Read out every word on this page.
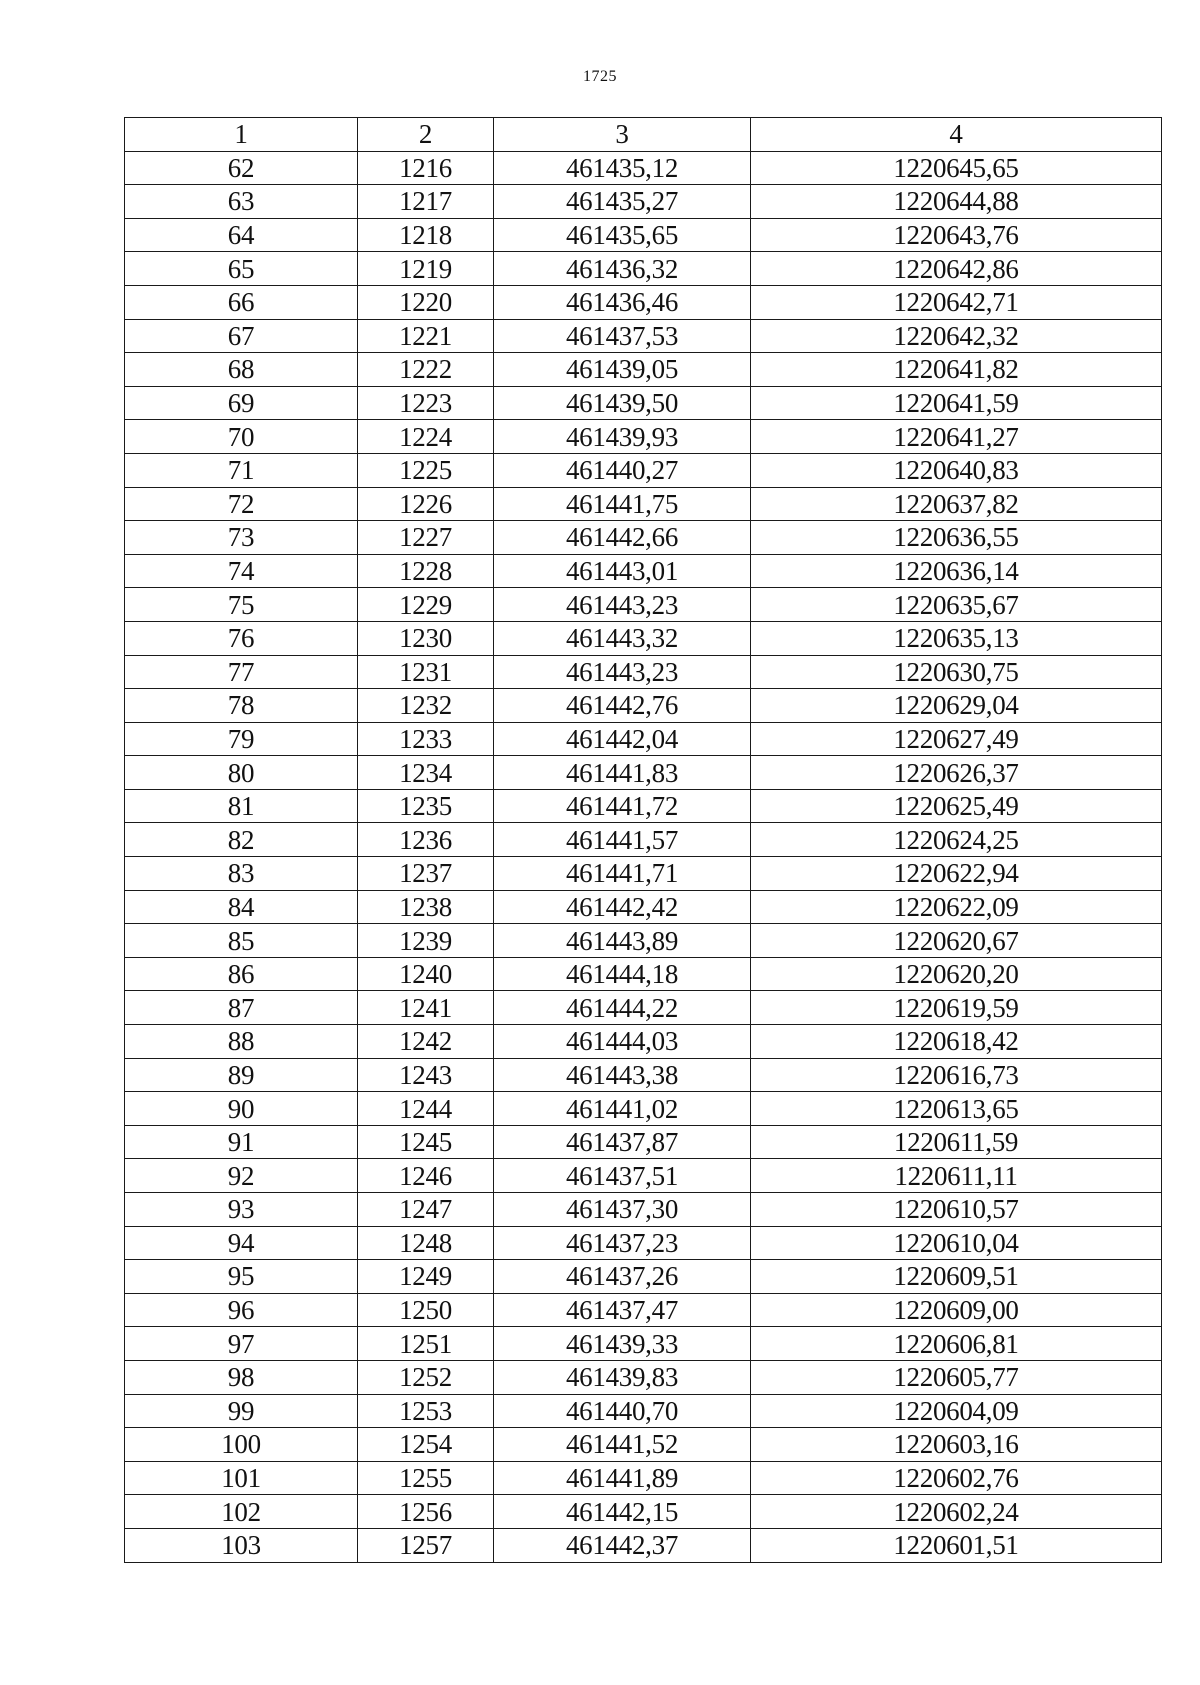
1725
1	2	3	4
62	1216	461435,12	1220645,65
63	1217	461435,27	1220644,88
64	1218	461435,65	1220643,76
65	1219	461436,32	1220642,86
66	1220	461436,46	1220642,71
67	1221	461437,53	1220642,32
68	1222	461439,05	1220641,82
69	1223	461439,50	1220641,59
70	1224	461439,93	1220641,27
71	1225	461440,27	1220640,83
72	1226	461441,75	1220637,82
73	1227	461442,66	1220636,55
74	1228	461443,01	1220636,14
75	1229	461443,23	1220635,67
76	1230	461443,32	1220635,13
77	1231	461443,23	1220630,75
78	1232	461442,76	1220629,04
79	1233	461442,04	1220627,49
80	1234	461441,83	1220626,37
81	1235	461441,72	1220625,49
82	1236	461441,57	1220624,25
83	1237	461441,71	1220622,94
84	1238	461442,42	1220622,09
85	1239	461443,89	1220620,67
86	1240	461444,18	1220620,20
87	1241	461444,22	1220619,59
88	1242	461444,03	1220618,42
89	1243	461443,38	1220616,73
90	1244	461441,02	1220613,65
91	1245	461437,87	1220611,59
92	1246	461437,51	1220611,11
93	1247	461437,30	1220610,57
94	1248	461437,23	1220610,04
95	1249	461437,26	1220609,51
96	1250	461437,47	1220609,00
97	1251	461439,33	1220606,81
98	1252	461439,83	1220605,77
99	1253	461440,70	1220604,09
100	1254	461441,52	1220603,16
101	1255	461441,89	1220602,76
102	1256	461442,15	1220602,24
103	1257	461442,37	1220601,51
